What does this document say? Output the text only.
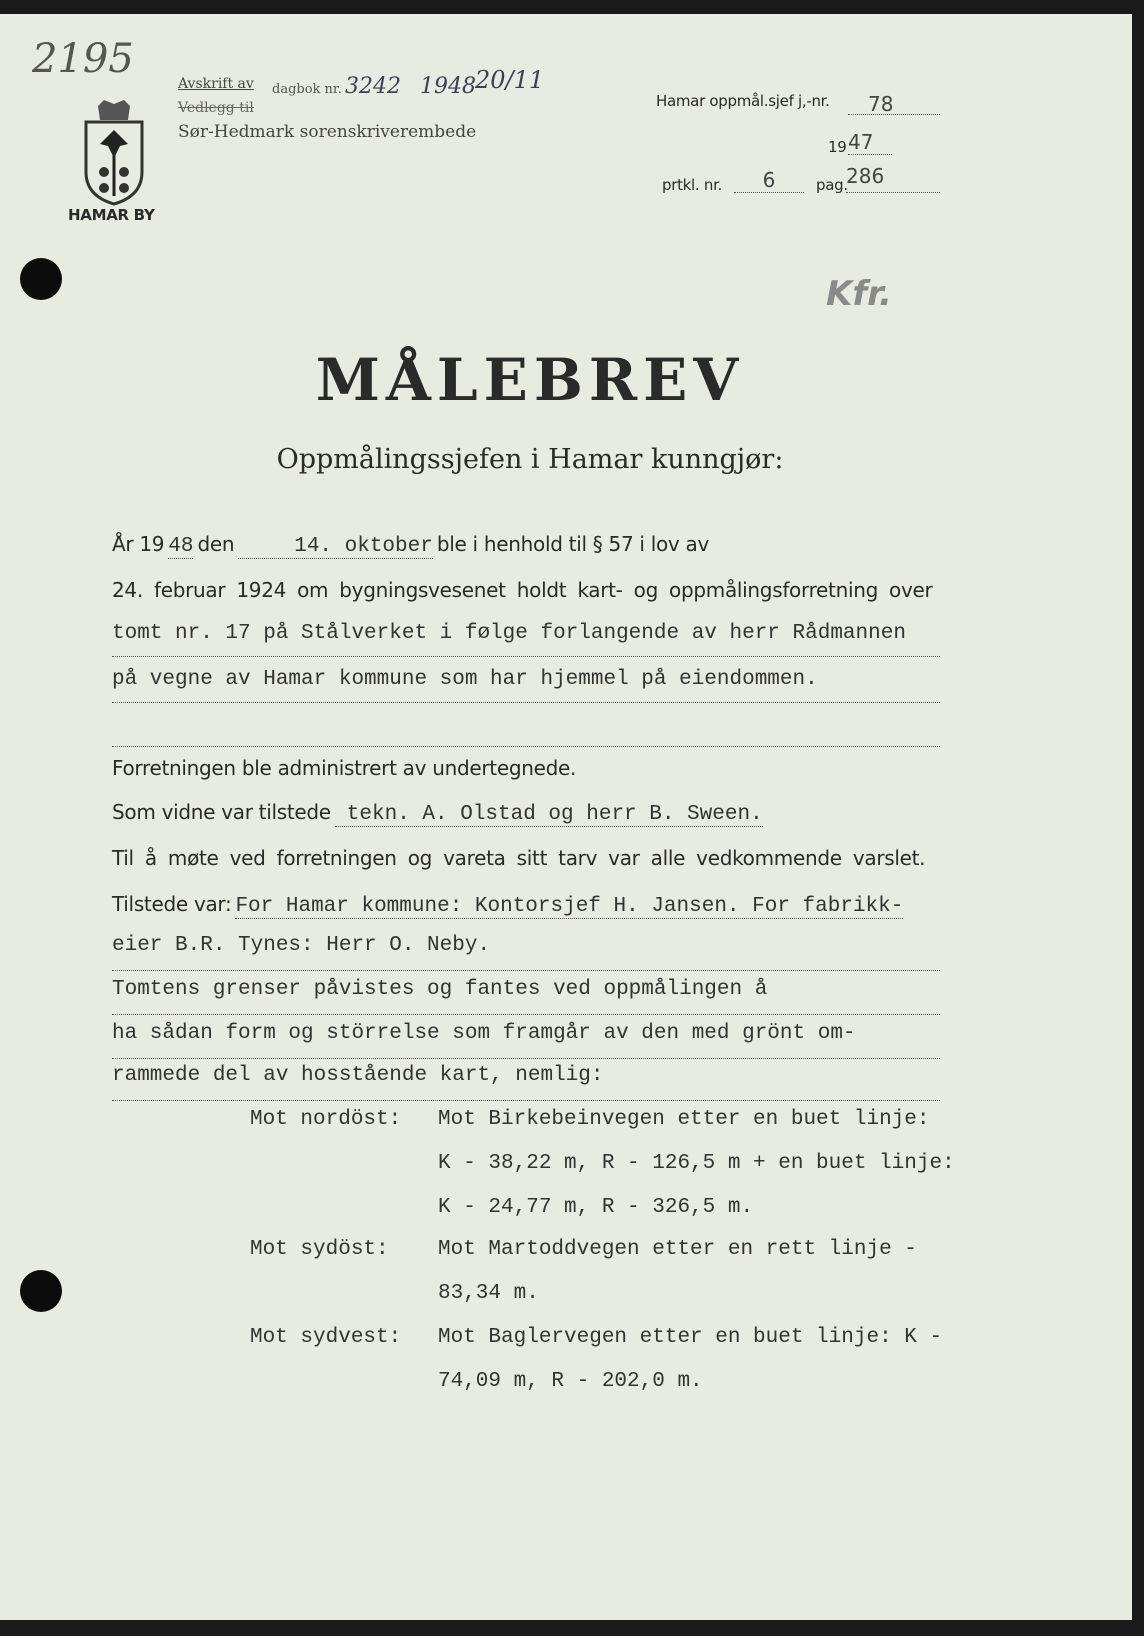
2195
Avskrift av dagbok nr. 3242 1948 20/11
Vedlegg til
Sør-Hedmark sorenskriverembede
HAMAR BY
Hamar oppmål.sjef j,-nr.	78
19 47
prtkl. nr.	6	pag.
286
Kfr.
MÅLEBREV
Oppmålingssjefen i Hamar kunngjør:
År 19 48 den	14. oktober ble i henhold til § 57 i lov av
24. februar 1924 om bygningsvesenet holdt kart- og oppmålingsforretning over
tomt nr. 17 på Stålverket i følge forlangende av herr Rådmannen
på vegne av Hamar kommune som har hjemmel på eiendommen.
Forretningen ble administrert av undertegnede.
Som vidne var tilstede tekn. A. Olstad og herr B. Sween.
Til å møte ved forretningen og vareta sitt tarv var alle vedkommende varslet.
Tilstede var: For Hamar kommune: Kontorsjef H. Jansen. For fabrikk-
eier B.R. Tynes: Herr O. Neby.
Tomtens grenser påvistes og fantes ved oppmålingen å
ha sådan form og störrelse som framgår av den med grönt om-
rammede del av hosstående kart, nemlig:
Mot nordöst: Mot Birkebeinvegen etter en buet linje:
K - 38,22 m, R - 126,5 m + en buet linje:
K - 24,77 m, R - 326,5 m.
Mot sydöst: Mot Martoddvegen etter en rett linje -
83,34 m.
Mot sydvest: Mot Baglervegen etter en buet linje: K -
74,09 m, R - 202,0 m.
